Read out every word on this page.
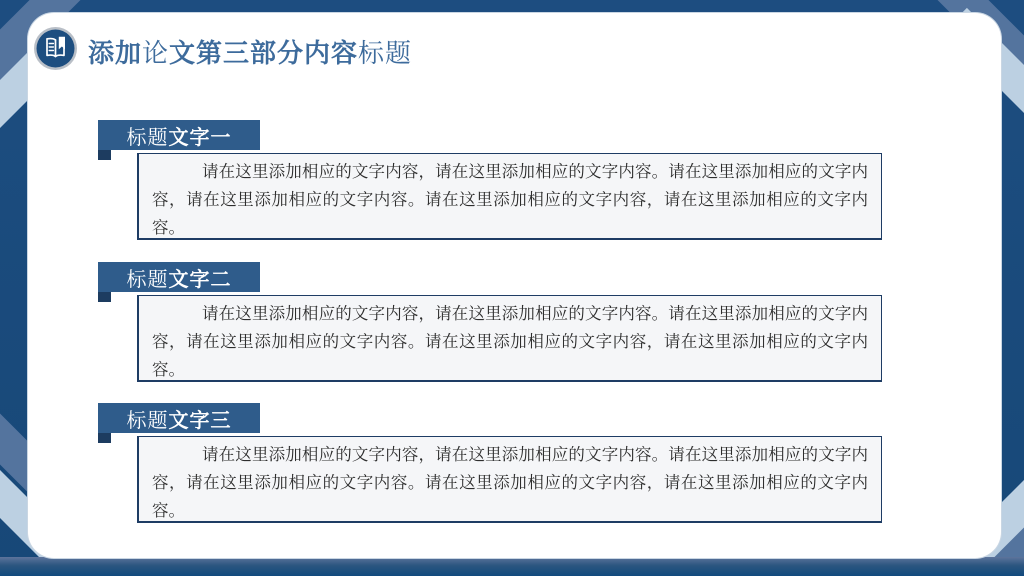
添加论文第三部分内容标题
标题 文字一

请在这里添加相应的文字内容，请在这里添加相应的文字内容。请在这里添加相应的文字内容，请在这里添加相应的文字内容。请在这里添加相应的文字内容，请在这里添加相应的文字内容。

标题 文字二

请在这里添加相应的文字内容，请在这里添加相应的文字内容。请在这里添加相应的文字内容，请在这里添加相应的文字内容。请在这里添加相应的文字内容，请在这里添加相应的文字内容。

标题 文字三

请在这里添加相应的文字内容，请在这里添加相应的文字内容。请在这里添加相应的文字内容，请在这里添加相应的文字内容。请在这里添加相应的文字内容，请在这里添加相应的文字内容。
